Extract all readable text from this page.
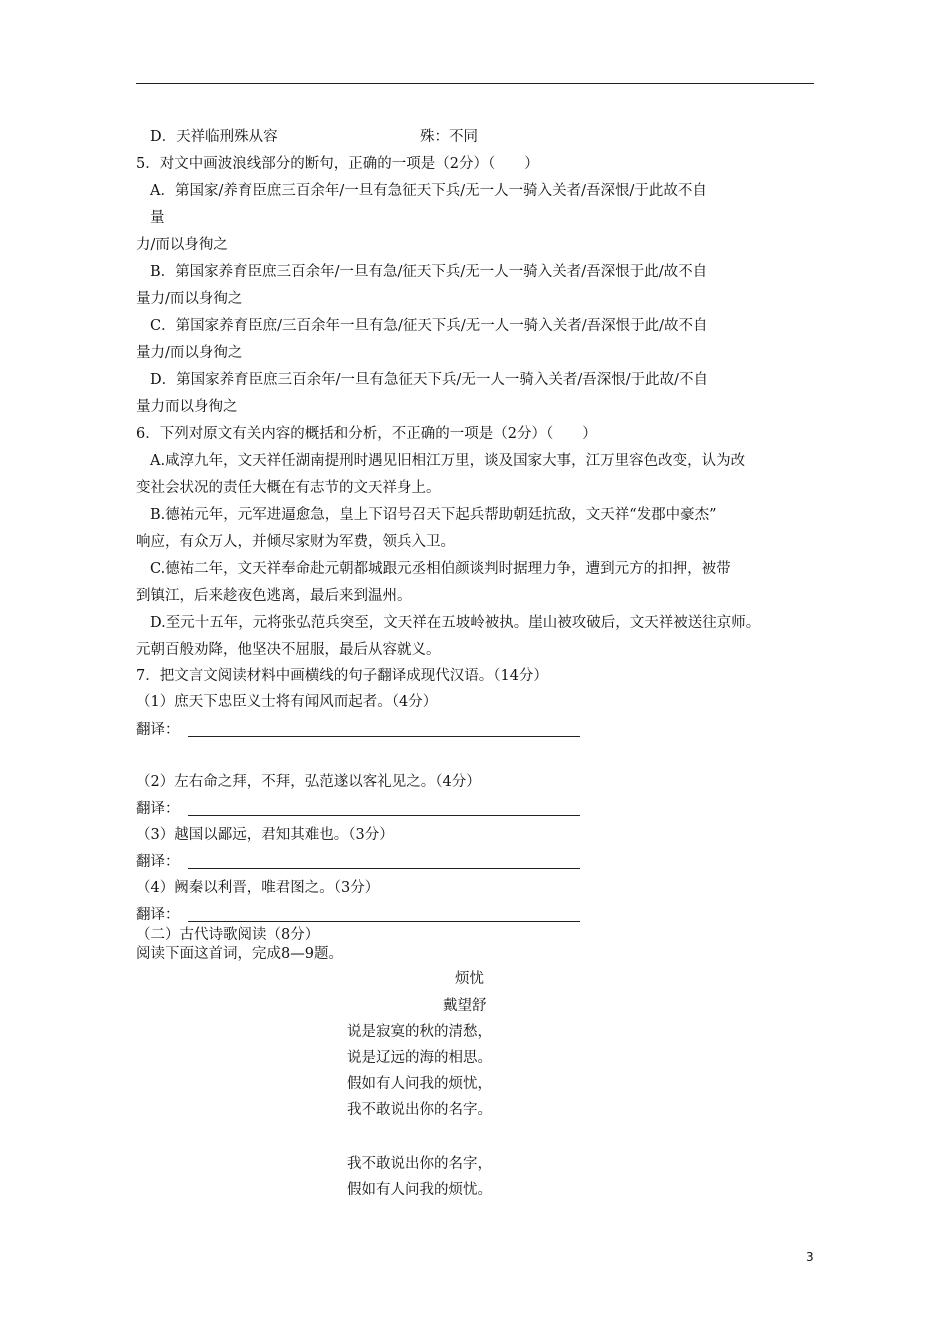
D．天祥临刑殊从容	殊：不同
5．对文中画波浪线部分的断句，正确的一项是（2分）（　　）
A．第国家/养育臣庶三百余年/一旦有急征天下兵/无一人一骑入关者/吾深恨/于此故不自
量
力/而以身徇之
B．第国家养育臣庶三百余年/一旦有急/征天下兵/无一人一骑入关者/吾深恨于此/故不自
量力/而以身徇之
C．第国家养育臣庶/三百余年一旦有急/征天下兵/无一人一骑入关者/吾深恨于此/故不自
量力/而以身徇之
D．第国家养育臣庶三百余年/一旦有急征天下兵/无一人一骑入关者/吾深恨/于此故/不自
量力而以身徇之
6．下列对原文有关内容的概括和分析，不正确的一项是（2分）（　　）
A.咸淳九年，文天祥任湖南提刑时遇见旧相江万里，谈及国家大事，江万里容色改变，认为改
变社会状况的责任大概在有志节的文天祥身上。
B.德祐元年，元军进逼愈急，皇上下诏号召天下起兵帮助朝廷抗敌，文天祥“发郡中豪杰”
响应，有众万人，并倾尽家财为军费，领兵入卫。
C.德祐二年，文天祥奉命赴元朝都城跟元丞相伯颜谈判时据理力争，遭到元方的扣押，被带
到镇江，后来趁夜色逃离，最后来到温州。
D.至元十五年，元将张弘范兵突至，文天祥在五坡岭被执。崖山被攻破后，文天祥被送往京师。
元朝百般劝降，他坚决不屈服，最后从容就义。
7．把文言文阅读材料中画横线的句子翻译成现代汉语。（14分）
（1）庶天下忠臣义士将有闻风而起者。（4分）
翻译：
（2）左右命之拜，不拜，弘范遂以客礼见之。（4分）
翻译：
（3）越国以鄙远，君知其难也。（3分）
翻译：
（4）阙秦以利晋，唯君图之。（3分）
翻译：
（二）古代诗歌阅读（8分）
阅读下面这首词，完成8—9题。
烦忧
戴望舒
说是寂寞的秋的清愁，
说是辽远的海的相思。
假如有人问我的烦忧，
我不敢说出你的名字。
我不敢说出你的名字，
假如有人问我的烦忧。
3
